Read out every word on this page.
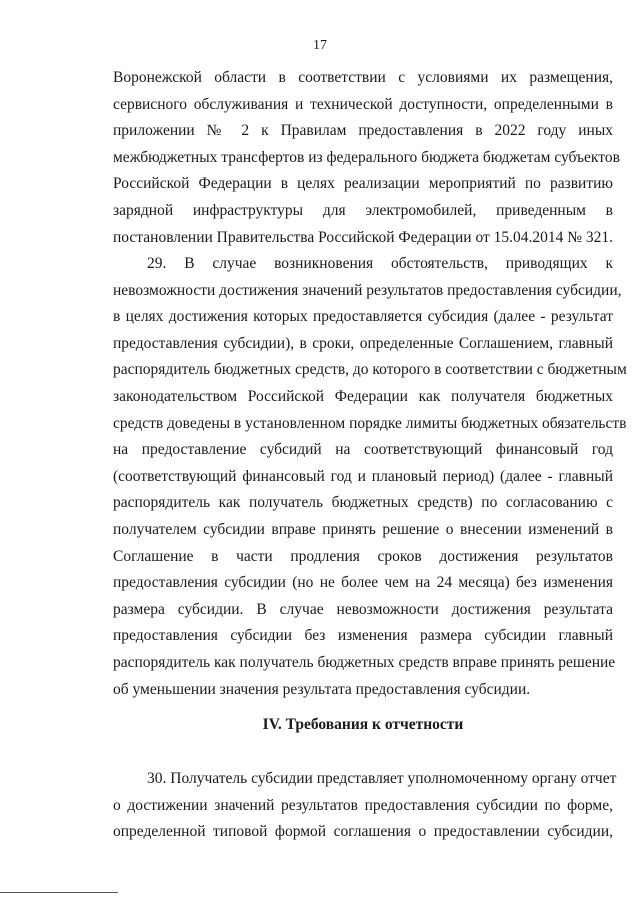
17

Воронежской области в соответствии с условиями их размещения,
сервисного обслуживания и технической доступности, определенными в
приложении № 2 к Правилам предоставления в 2022 году иных
межбюджетных трансфертов из федерального бюджета бюджетам субъектов
Российской Федерации в целях реализации мероприятий по развитию
зарядной инфраструктуры для электромобилей, приведенным в
постановлении Правительства Российской Федерации от 15.04.2014 № 321.

29. В случае возникновения обстоятельств, приводящих к
невозможности достижения значений результатов предоставления субсидии,
в целях достижения которых предоставляется субсидия (далее - результат
предоставления субсидии), в сроки, определенные Соглашением, главный
распорядитель бюджетных средств, до которого в соответствии с бюджетным
законодательством Российской Федерации как получателя бюджетных
средств доведены в установленном порядке лимиты бюджетных обязательств
на предоставление субсидий на соответствующий финансовый год
(соответствующий финансовый год и плановый период) (далее - главный
распорядитель как получатель бюджетных средств) по согласованию с
получателем субсидии вправе принять решение о внесении изменений в
Соглашение в части продления сроков достижения результатов
предоставления субсидии (но не более чем на 24 месяца) без изменения
размера субсидии. В случае невозможности достижения результата
предоставления субсидии без изменения размера субсидии главный
распорядитель как получатель бюджетных средств вправе принять решение
об уменьшении значения результата предоставления субсидии.

IV. Требования к отчетности

30. Получатель субсидии представляет уполномоченному органу отчет
о достижении значений результатов предоставления субсидии по форме,
определенной типовой формой соглашения о предоставлении субсидии,
